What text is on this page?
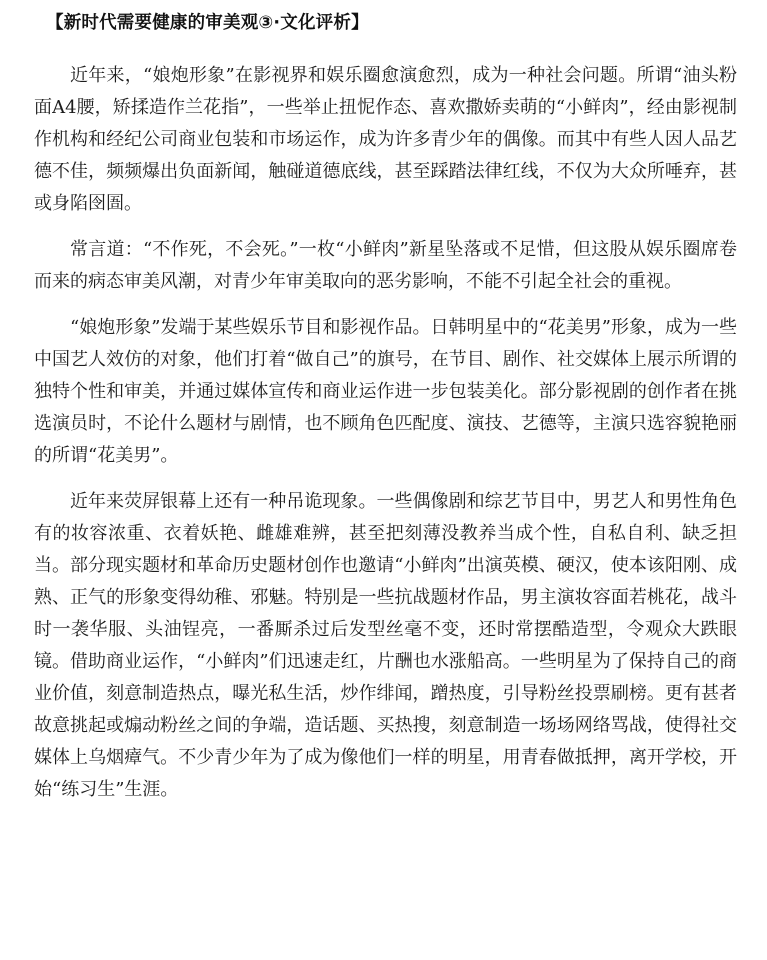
【新时代需要健康的审美观③·文化评析】

近年来，“娘炮形象”在影视界和娱乐圈愈演愈烈，成为一种社会问题。所谓“油头粉面A4腰，矫揉造作兰花指”，一些举止扭怩作态、喜欢撒娇卖萌的“小鲜肉”，经由影视制作机构和经纪公司商业包装和市场运作，成为许多青少年的偶像。而其中有些人因人品艺德不佳，频频爆出负面新闻，触碰道德底线，甚至踩踏法律红线，不仅为大众所唾弃，甚或身陷囹圄。

常言道：“不作死，不会死。”一枚“小鲜肉”新星坠落或不足惜，但这股从娱乐圈席卷而来的病态审美风潮，对青少年审美取向的恶劣影响，不能不引起全社会的重视。

“娘炮形象”发端于某些娱乐节目和影视作品。日韩明星中的“花美男”形象，成为一些中国艺人效仿的对象，他们打着“做自己”的旗号，在节目、剧作、社交媒体上展示所谓的独特个性和审美，并通过媒体宣传和商业运作进一步包装美化。部分影视剧的创作者在挑选演员时，不论什么题材与剧情，也不顾角色匹配度、演技、艺德等，主演只选容貌艳丽的所谓“花美男”。

近年来荧屏银幕上还有一种吊诡现象。一些偶像剧和综艺节目中，男艺人和男性角色有的妆容浓重、衣着妖艳、雌雄难辨，甚至把刻薄没教养当成个性，自私自利、缺乏担当。部分现实题材和革命历史题材创作也邀请“小鲜肉”出演英模、硬汉，使本该阳刚、成熟、正气的形象变得幼稚、邪魅。特别是一些抗战题材作品，男主演妆容面若桃花，战斗时一袭华服、头油锃亮，一番厮杀过后发型丝毫不变，还时常摆酷造型，令观众大跌眼镜。借助商业运作，“小鲜肉”们迅速走红，片酬也水涨船高。一些明星为了保持自己的商业价值，刻意制造热点，曝光私生活，炒作绯闻，蹭热度，引导粉丝投票刷榜。更有甚者故意挑起或煽动粉丝之间的争端，造话题、买热搜，刻意制造一场场网络骂战，使得社交媒体上乌烟瘴气。不少青少年为了成为像他们一样的明星，用青春做抵押，离开学校，开始“练习生”生涯。
